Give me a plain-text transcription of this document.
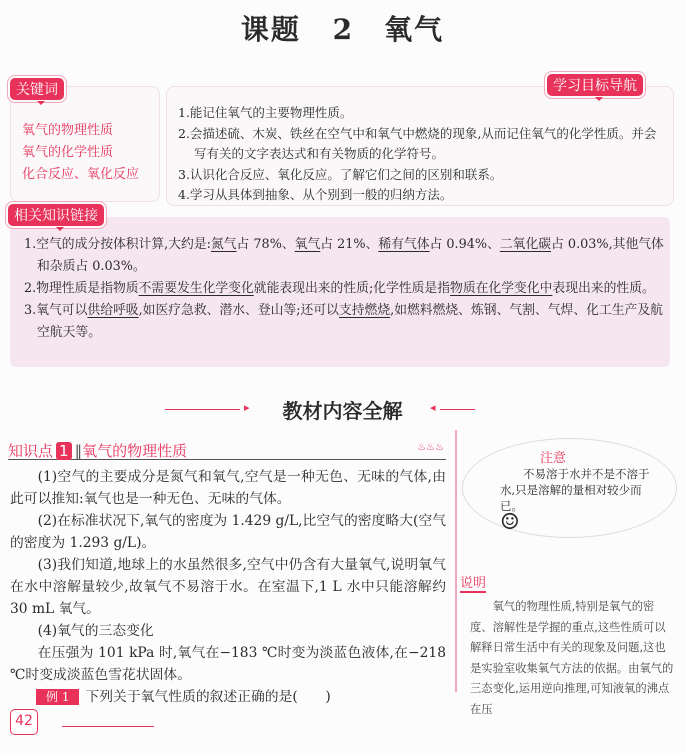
课题 2　氧气
关键词
氧气的物理性质
氧气的化学性质
化合反应、氧化反应
学习目标导航
1.能记住氧气的主要物理性质。
2.会描述硫、木炭、铁丝在空气中和氧气中燃烧的现象,从而记住氧气的化学性质。并会写有关的文字表达式和有关物质的化学符号。
3.认识化合反应、氧化反应。了解它们之间的区别和联系。
4.学习从具体到抽象、从个别到一般的归纳方法。
相关知识链接
1.空气的成分按体积计算,大约是:氮气占 78%、氧气占 21%、稀有气体占 0.94%、二氧化碳占 0.03%,其他气体和杂质占 0.03%。
2.物理性质是指物质不需要发生化学变化就能表现出来的性质;化学性质是指物质在化学变化中表现出来的性质。
3.氧气可以供给呼吸,如医疗急救、潜水、登山等;还可以支持燃烧,如燃料燃烧、炼钢、气割、气焊、化工生产及航空航天等。
▸	◂
教材内容全解
知识点 1 ‖氧气的物理性质	♨♨♨

(1)空气的主要成分是氮气和氧气,空气是一种无色、无味的气体,由此可以推知:氧气也是一种无色、无味的气体。

(2)在标准状况下,氧气的密度为 1.429 g/L,比空气的密度略大(空气的密度为 1.293 g/L)。

(3)我们知道,地球上的水虽然很多,空气中仍含有大量氧气,说明氧气在水中溶解量较少,故氧气不易溶于水。在室温下,1 L 水中只能溶解约 30 mL 氧气。

(4)氧气的三态变化

在压强为 101 kPa 时,氧气在−183 ℃时变为淡蓝色液体,在−218 ℃时变成淡蓝色雪花状固体。

例 1 下列关于氧气性质的叙述正确的是(　　)
注意
不易溶于水并不是不溶于水,只是溶解的量相对较少而已。
☺
说明
氧气的物理性质,特别是氧气的密度、溶解性是学握的重点,这些性质可以解释日常生活中有关的现象及问题,这也是实验室收集氧气方法的依据。由氧气的三态变化,运用逆向推理,可知液氧的沸点在压
42
